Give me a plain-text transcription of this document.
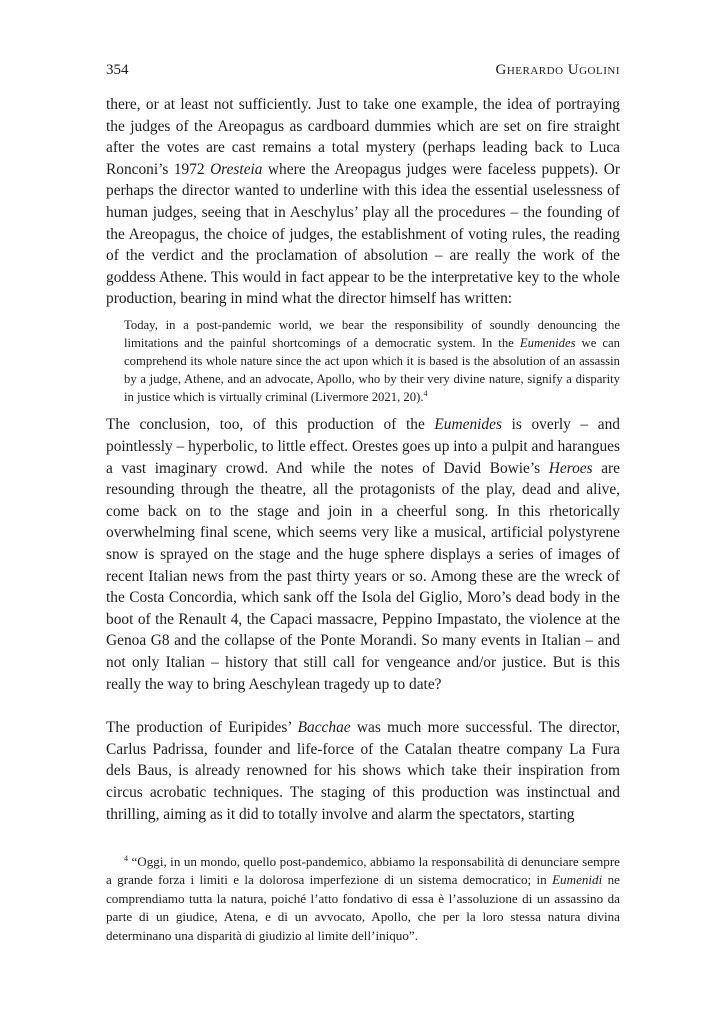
354	Gherardo Ugolini

there, or at least not sufficiently. Just to take one example, the idea of portraying the judges of the Areopagus as cardboard dummies which are set on fire straight after the votes are cast remains a total mystery (perhaps leading back to Luca Ronconi’s 1972 Oresteia where the Areopagus judges were faceless puppets). Or perhaps the director wanted to underline with this idea the essential uselessness of human judges, seeing that in Aeschylus’ play all the procedures – the founding of the Areopagus, the choice of judges, the establishment of voting rules, the reading of the verdict and the proclamation of absolution – are really the work of the goddess Athene. This would in fact appear to be the interpretative key to the whole production, bearing in mind what the director himself has written:

Today, in a post-pandemic world, we bear the responsibility of soundly denouncing the limitations and the painful shortcomings of a democratic system. In the Eumenides we can comprehend its whole nature since the act upon which it is based is the absolution of an assassin by a judge, Athene, and an advocate, Apollo, who by their very divine nature, signify a disparity in justice which is virtually criminal (Livermore 2021, 20).$^4$

The conclusion, too, of this production of the Eumenides is overly – and pointlessly – hyperbolic, to little effect. Orestes goes up into a pulpit and harangues a vast imaginary crowd. And while the notes of David Bowie’s Heroes are resounding through the theatre, all the protagonists of the play, dead and alive, come back on to the stage and join in a cheerful song. In this rhetorically overwhelming final scene, which seems very like a musical, artificial polystyrene snow is sprayed on the stage and the huge sphere displays a series of images of recent Italian news from the past thirty years or so. Among these are the wreck of the Costa Concordia, which sank off the Isola del Giglio, Moro’s dead body in the boot of the Renault 4, the Capaci massacre, Peppino Impastato, the violence at the Genoa G8 and the collapse of the Ponte Morandi. So many events in Italian – and not only Italian – history that still call for vengeance and/or justice. But is this really the way to bring Aeschylean tragedy up to date?

The production of Euripides’ Bacchae was much more successful. The director, Carlus Padrissa, founder and life-force of the Catalan theatre company La Fura dels Baus, is already renowned for his shows which take their inspiration from circus acrobatic techniques. The staging of this production was instinctual and thrilling, aiming as it did to totally involve and alarm the spectators, starting

$^4$ “Oggi, in un mondo, quello post-pandemico, abbiamo la responsabilità di denunciare sempre a grande forza i limiti e la dolorosa imperfezione di un sistema democratico; in Eumenidi ne comprendiamo tutta la natura, poiché l’atto fondativo di essa è l’assoluzione di un assassino da parte di un giudice, Atena, e di un avvocato, Apollo, che per la loro stessa natura divina determinano una disparità di giudizio al limite dell’iniquo”.
